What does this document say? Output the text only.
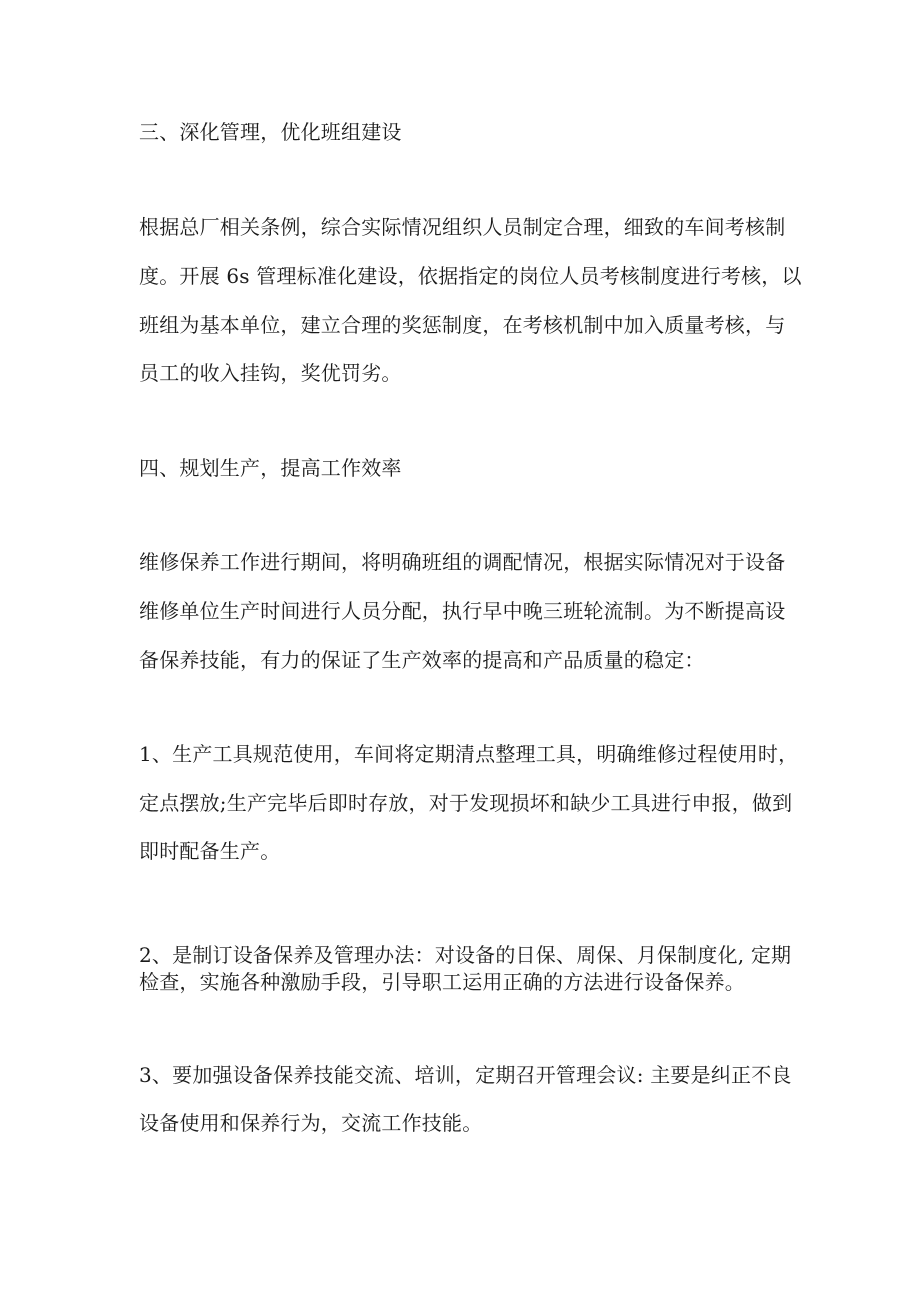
三、深化管理，优化班组建设
根据总厂相关条例，综合实际情况组织人员制定合理，细致的车间考核制
度。开展 6s 管理标准化建设，依据指定的岗位人员考核制度进行考核，以
班组为基本单位，建立合理的奖惩制度，在考核机制中加入质量考核，与
员工的收入挂钩，奖优罚劣。
四、规划生产，提高工作效率
维修保养工作进行期间，将明确班组的调配情况，根据实际情况对于设备
维修单位生产时间进行人员分配，执行早中晚三班轮流制。为不断提高设
备保养技能，有力的保证了生产效率的提高和产品质量的稳定：
1、生产工具规范使用，车间将定期清点整理工具，明确维修过程使用时，
定点摆放;生产完毕后即时存放，对于发现损坏和缺少工具进行申报，做到
即时配备生产。
2、是制订设备保养及管理办法：对设备的日保、周保、月保制度化, 定期
检查，实施各种激励手段，引导职工运用正确的方法进行设备保养。
3、要加强设备保养技能交流、培训，定期召开管理会议: 主要是纠正不良
设备使用和保养行为，交流工作技能。
